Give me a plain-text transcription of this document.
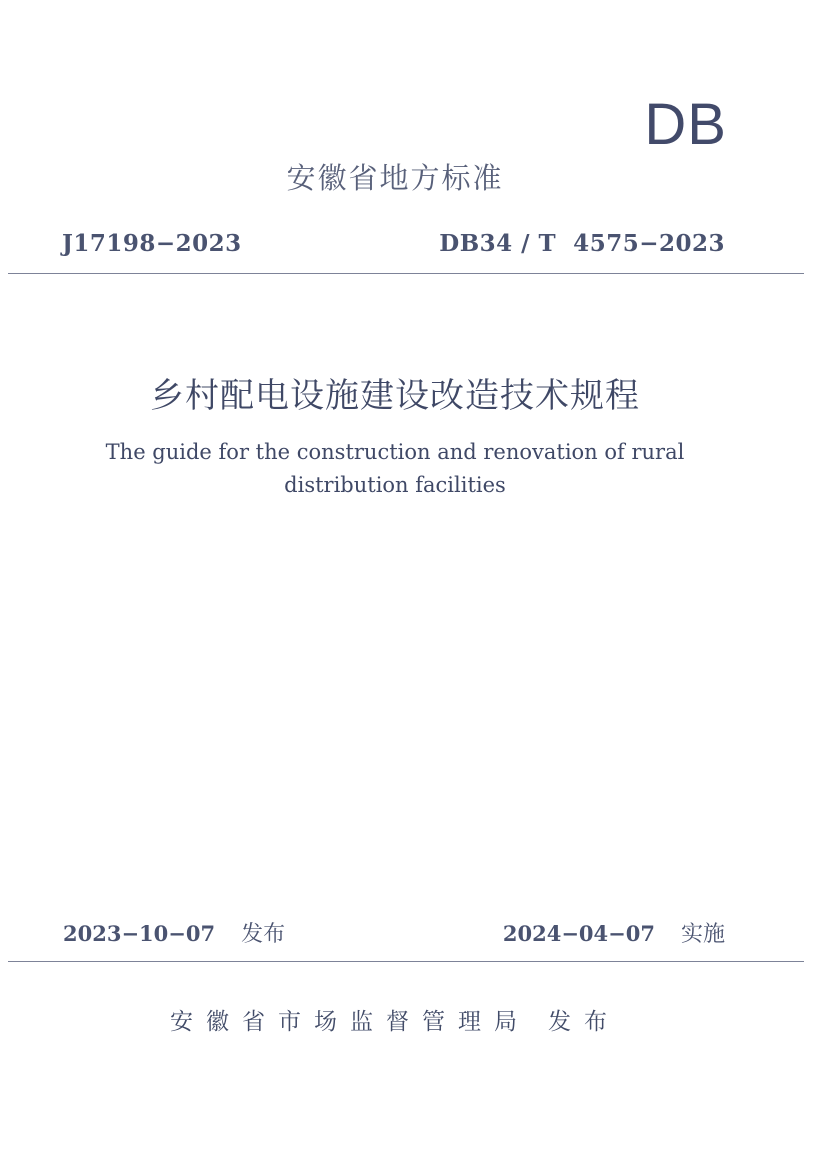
DB
安徽省地方标准
J17198−2023	DB34 / T  4575−2023
乡村配电设施建设改造技术规程
The guide for the construction and renovation of rural
distribution facilities
2023−10−07 发布	2024−04−07 实施
安徽省市场监督管理局 发布
